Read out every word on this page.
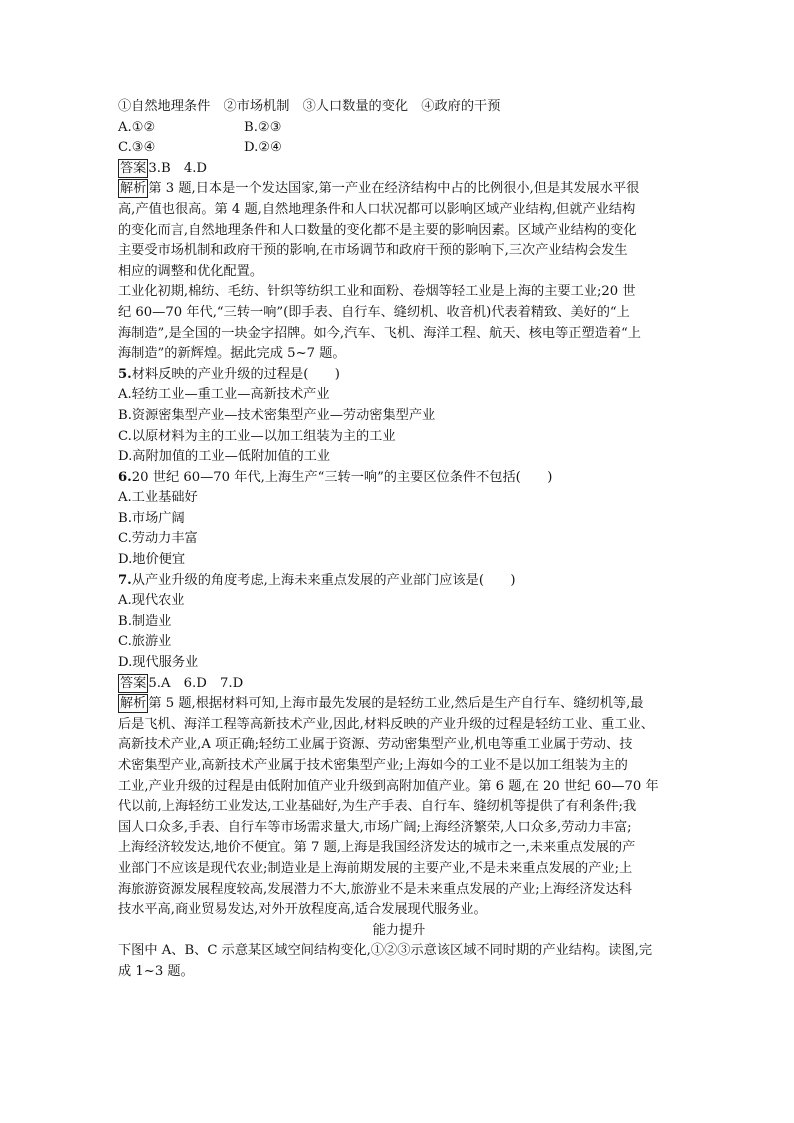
①自然地理条件　②市场机制　③人口数量的变化　④政府的干预
A.①②	B.②③
C.③④	D.②④
答案 3.B　4.D
解析 第 3 题,日本是一个发达国家,第一产业在经济结构中占的比例很小,但是其发展水平很
高,产值也很高。第 4 题,自然地理条件和人口状况都可以影响区域产业结构,但就产业结构
的变化而言,自然地理条件和人口数量的变化都不是主要的影响因素。区域产业结构的变化
主要受市场机制和政府干预的影响,在市场调节和政府干预的影响下,三次产业结构会发生
相应的调整和优化配置。
工业化初期,棉纺、毛纺、针织等纺织工业和面粉、卷烟等轻工业是上海的主要工业;20 世
纪 60—70 年代,“三转一响”(即手表、自行车、缝纫机、收音机)代表着精致、美好的“上
海制造”,是全国的一块金字招牌。如今,汽车、飞机、海洋工程、航天、核电等正塑造着“上
海制造”的新辉煌。据此完成 5~7 题。
5.材料反映的产业升级的过程是(　　)
A.轻纺工业—重工业—高新技术产业
B.资源密集型产业—技术密集型产业—劳动密集型产业
C.以原材料为主的工业—以加工组装为主的工业
D.高附加值的工业—低附加值的工业
6.20 世纪 60—70 年代,上海生产“三转一响”的主要区位条件不包括(　　)
A.工业基础好
B.市场广阔
C.劳动力丰富
D.地价便宜
7.从产业升级的角度考虑,上海未来重点发展的产业部门应该是(　　)
A.现代农业
B.制造业
C.旅游业
D.现代服务业
答案 5.A　6.D　7.D
解析 第 5 题,根据材料可知,上海市最先发展的是轻纺工业,然后是生产自行车、缝纫机等,最
后是飞机、海洋工程等高新技术产业,因此,材料反映的产业升级的过程是轻纺工业、重工业、
高新技术产业,A 项正确;轻纺工业属于资源、劳动密集型产业,机电等重工业属于劳动、技
术密集型产业,高新技术产业属于技术密集型产业;上海如今的工业不是以加工组装为主的
工业,产业升级的过程是由低附加值产业升级到高附加值产业。第 6 题,在 20 世纪 60—70 年
代以前,上海轻纺工业发达,工业基础好,为生产手表、自行车、缝纫机等提供了有利条件;我
国人口众多,手表、自行车等市场需求量大,市场广阔;上海经济繁荣,人口众多,劳动力丰富;
上海经济较发达,地价不便宜。第 7 题,上海是我国经济发达的城市之一,未来重点发展的产
业部门不应该是现代农业;制造业是上海前期发展的主要产业,不是未来重点发展的产业;上
海旅游资源发展程度较高,发展潜力不大,旅游业不是未来重点发展的产业;上海经济发达科
技水平高,商业贸易发达,对外开放程度高,适合发展现代服务业。
能力提升
下图中 A、B、C 示意某区域空间结构变化,①②③示意该区域不同时期的产业结构。读图,完
成 1~3 题。
